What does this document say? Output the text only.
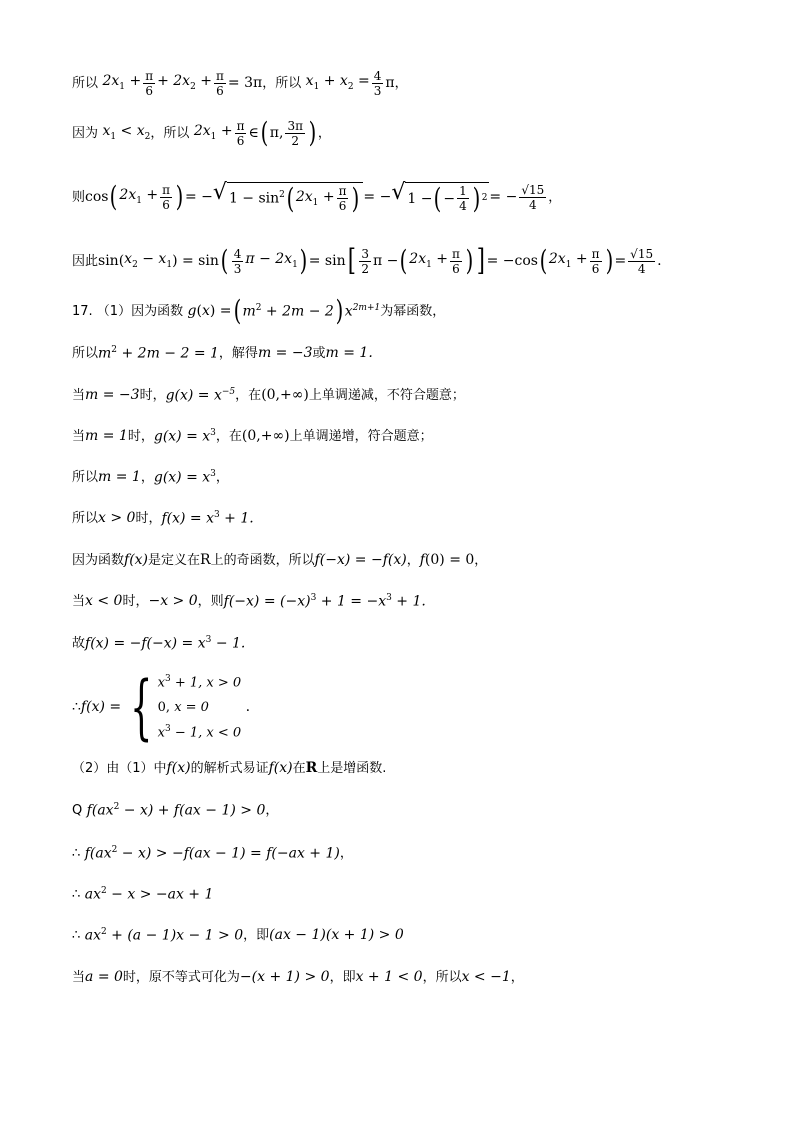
所以 $2x_1 + \frac{\pi}{6} + 2x_2 + \frac{\pi}{6} = 3\pi$ ，所以 $x_1 + x_2 = \frac{4}{3}$ π ，
因为 $x_1 < x_2$ ，所以 $2x_1 + \frac{\pi}{6}$ ∈ ( π, $\frac{3\pi}{2}$ ) ，
则 cos ( $2x_1 + \frac{\pi}{6}$ ) = − √ $1 - \sin^2$ ( $2x_1 + \frac{\pi}{6}$ ) = − √ 1 − ( − $\frac{1}{4}$ ) 2 = − $\frac{√15}{4}$ ，
因此 sin( $x_2 - x_1$ ) = sin ( $\frac{4}{3}$ $\pi - 2x_1$ ) = sin [ $\frac{3}{2}$ π − ( $2x_1 + \frac{\pi}{6}$ ) ] = −cos ( $2x_1 + \frac{\pi}{6}$ ) = $\frac{√15}{4}$ .
17. （1）因为函数 g ( x ) = ( $m^2 + 2m - 2$ ) $x^{2m+1}$ 为幂函数，
所以 $m^2 + 2m - 2 = 1$ ，解得 m = −3 或 m = 1.
当 m = −3 时， $g(x) = x^{-5}$ ，在 (0,+∞) 上单调递减，不符合题意；
当 m = 1 时， $g(x) = x^3$ ，在 (0,+∞) 上单调递增，符合题意；
所以 m = 1 ， $g(x) = x^3$ ，
所以 x > 0 时， $f(x) = x^3 + 1$.
因为函数 f(x) 是定义在 R 上的奇函数，所以 f(−x) = −f(x) ， f (0) = 0 ，
当 x < 0 时， −x > 0 ，则 $f(-x) = (-x)^3 + 1 = -x^3 + 1$.
故 $f(x) = -f(-x) = x^3 - 1$.
∴ f(x) = { $x^3 + 1$, x > 0
0, x = 0
$x^3 - 1$, x < 0
.
（2）由（1）中 f(x) 的解析式易证 f(x) 在 R 上是增函数.
Q $f(ax^2 - x) + f(ax - 1) > 0$ ，
∴ $f(ax^2 - x) > -f(ax - 1) = f(-ax + 1)$ ，
∴ $ax^2 - x > -ax + 1$
∴ $ax^2 + (a - 1)x - 1 > 0$ ，即 (ax − 1)(x + 1) > 0
当 a = 0 时，原不等式可化为 −(x + 1) > 0 ，即 x + 1 < 0 ，所以 x < −1 ，
